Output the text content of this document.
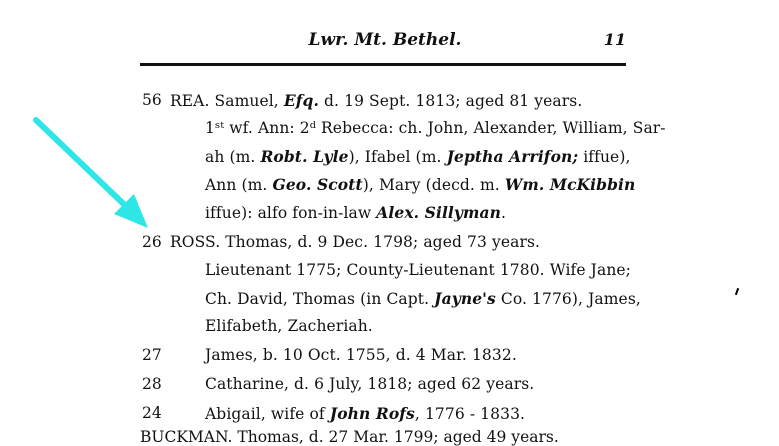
Lwr. Mt. Bethel.	11
56 REA. Samuel, Efq. d. 19 Sept. 1813; aged 81 years.
1ˢᵗ wf. Ann: 2ᵈ Rebecca: ch. John, Alexander, William, Sar-
ah (m. Robt. Lyle), Ifabel (m. Jeptha Arrifon; iffue),
Ann (m. Geo. Scott), Mary (decd. m. Wm. McKibbin
iffue): alfo fon-in-law Alex. Sillyman.
26 ROSS. Thomas, d. 9 Dec. 1798; aged 73 years.
Lieutenant 1775; County-Lieutenant 1780. Wife Jane;
Ch. David, Thomas (in Capt. Jayne's Co. 1776), James,
Elifabeth, Zacheriah.
27	James, b. 10 Oct. 1755, d. 4 Mar. 1832.
28	Catharine, d. 6 July, 1818; aged 62 years.
24	Abigail, wife of John Rofs, 1776 - 1833.
BUCKMAN. Thomas, d. 27 Mar. 1799; aged 49 years.
